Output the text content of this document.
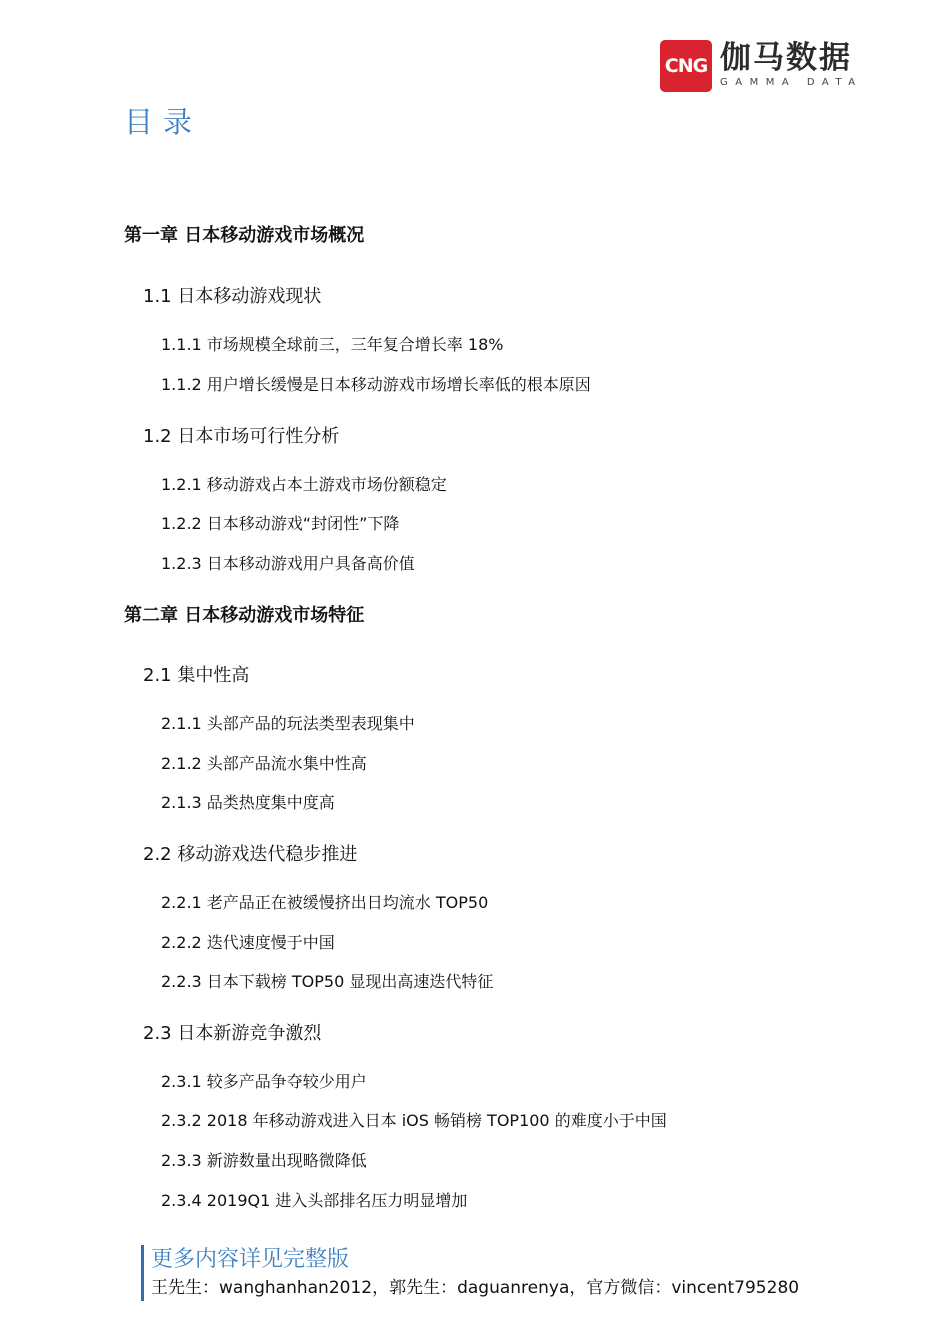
CNG 伽马数据
GAMMA DATA
目录
第一章 日本移动游戏市场概况
1.1 日本移动游戏现状
1.1.1 市场规模全球前三，三年复合增长率 18%
1.1.2 用户增长缓慢是日本移动游戏市场增长率低的根本原因
1.2 日本市场可行性分析
1.2.1 移动游戏占本土游戏市场份额稳定
1.2.2 日本移动游戏“封闭性”下降
1.2.3 日本移动游戏用户具备高价值
第二章 日本移动游戏市场特征
2.1 集中性高
2.1.1 头部产品的玩法类型表现集中
2.1.2 头部产品流水集中性高
2.1.3 品类热度集中度高
2.2 移动游戏迭代稳步推进
2.2.1 老产品正在被缓慢挤出日均流水 TOP50
2.2.2 迭代速度慢于中国
2.2.3 日本下载榜 TOP50 显现出高速迭代特征
2.3 日本新游竞争激烈
2.3.1 较多产品争夺较少用户
2.3.2 2018 年移动游戏进入日本 iOS 畅销榜 TOP100 的难度小于中国
2.3.3 新游数量出现略微降低
2.3.4 2019Q1 进入头部排名压力明显增加
更多内容详见完整版
王先生：wanghanhan2012，郭先生：daguanrenya，官方微信：vincent795280
